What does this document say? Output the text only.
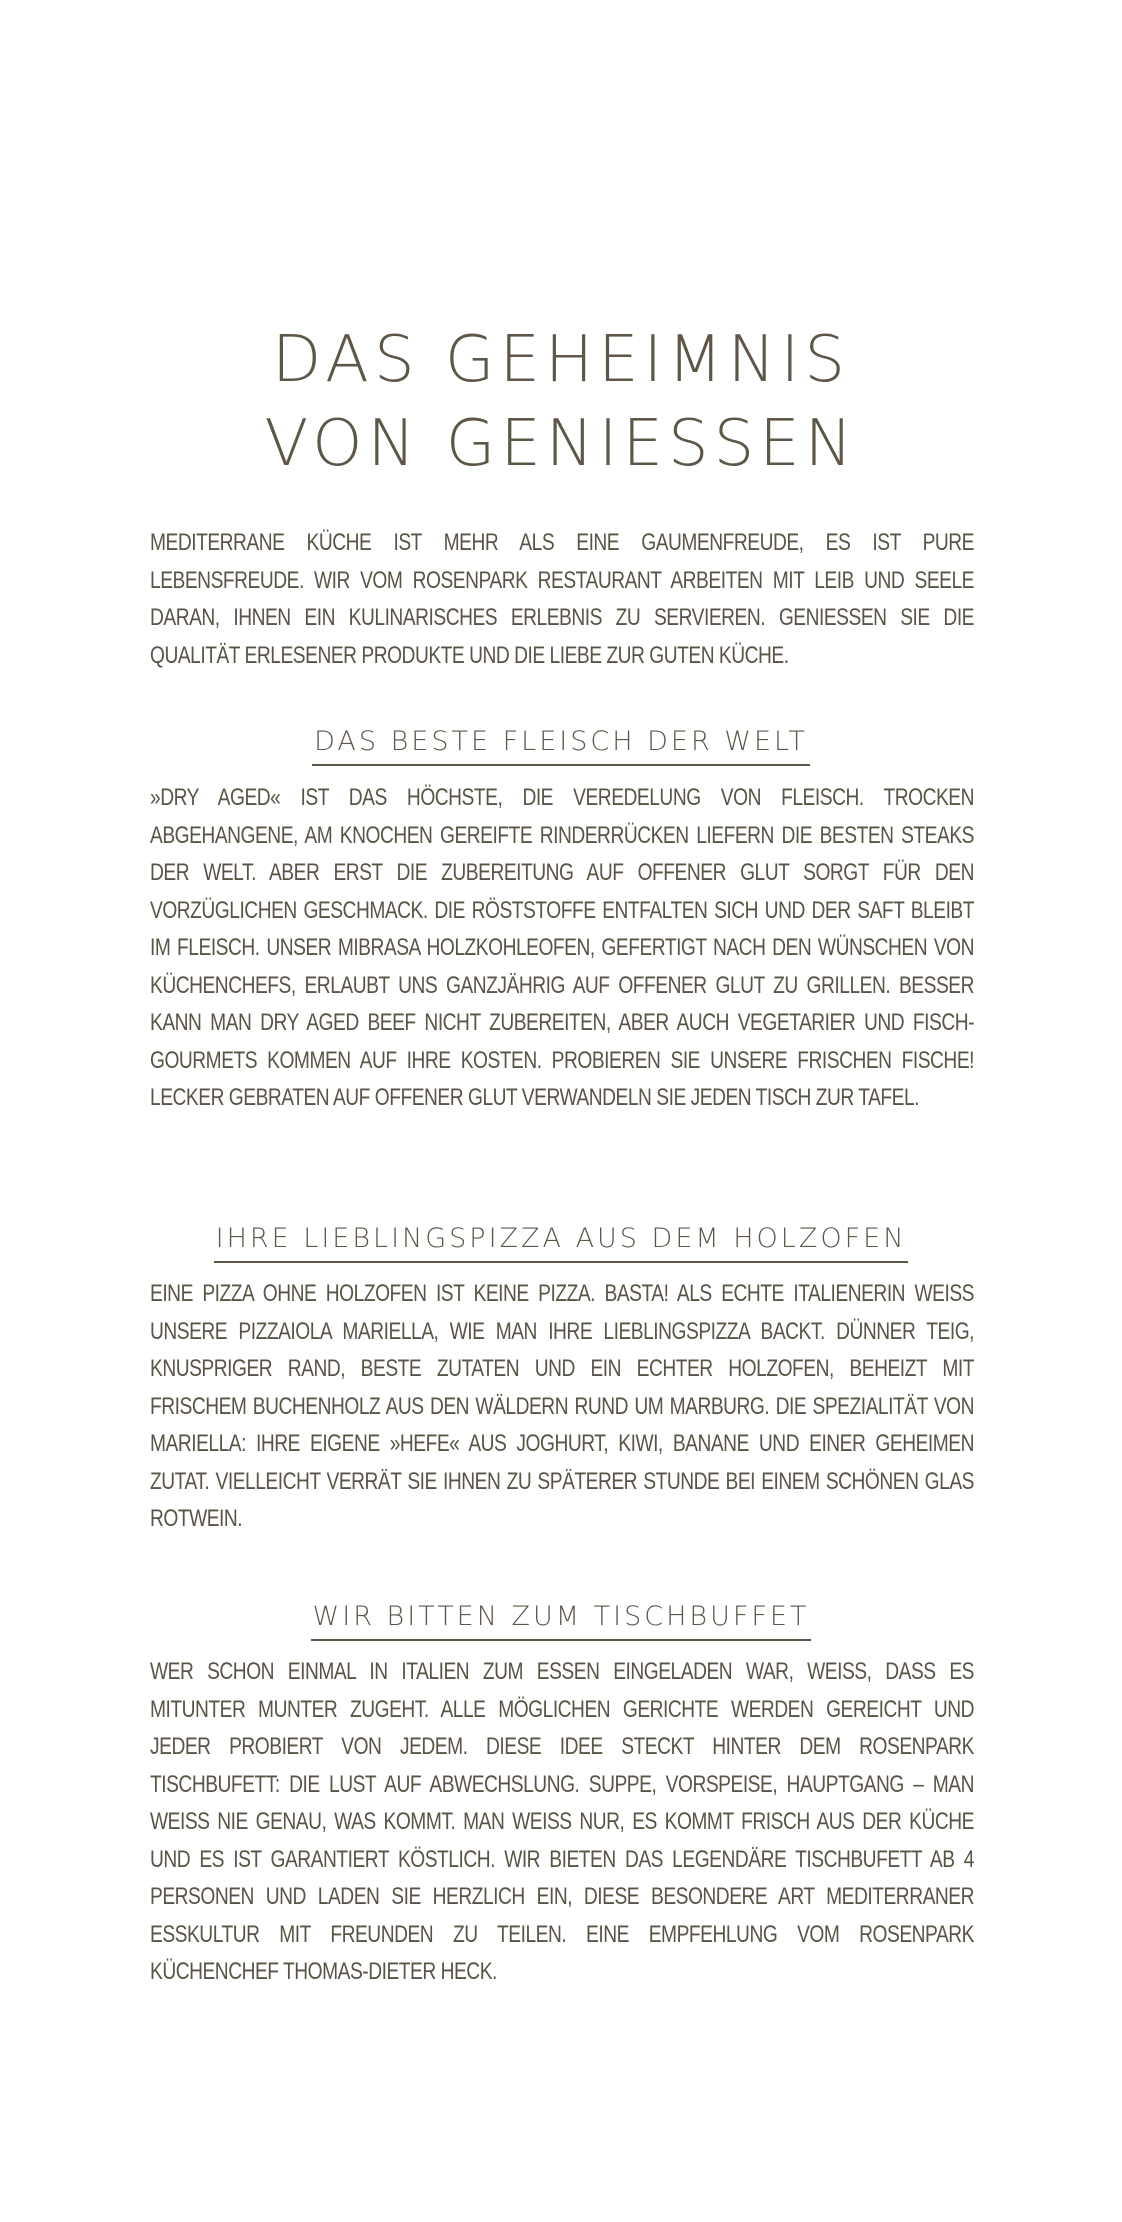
DAS GEHEIMNIS
VON GENIESSEN

MEDITERRANE KÜCHE IST MEHR ALS EINE GAUMENFREUDE, ES IST PURE LEBENSFREUDE. WIR VOM ROSENPARK RESTAURANT ARBEITEN MIT LEIB UND SEELE DARAN, IHNEN EIN KULINARISCHES ERLEBNIS ZU SERVIEREN. GENIESSEN SIE DIE QUALITÄT ERLESENER PRODUKTE UND DIE LIEBE ZUR GUTEN KÜCHE.

DAS BESTE FLEISCH DER WELT

»DRY AGED« IST DAS HÖCHSTE, DIE VEREDELUNG VON FLEISCH. TROCKEN ABGEHANGENE, AM KNOCHEN GEREIFTE RINDERRÜCKEN LIEFERN DIE BESTEN STEAKS DER WELT. ABER ERST DIE ZUBEREITUNG AUF OFFENER GLUT SORGT FÜR DEN VORZÜGLICHEN GESCHMACK. DIE RÖSTSTOFFE ENTFALTEN SICH UND DER SAFT BLEIBT IM FLEISCH. UNSER MIBRASA HOLZKOHLEOFEN, GEFERTIGT NACH DEN WÜNSCHEN VON KÜCHENCHEFS, ERLAUBT UNS GANZJÄHRIG AUF OFFENER GLUT ZU GRILLEN. BESSER KANN MAN DRY AGED BEEF NICHT ZUBEREITEN, ABER AUCH VEGETARIER UND FISCH-GOURMETS KOMMEN AUF IHRE KOSTEN. PROBIEREN SIE UNSERE FRISCHEN FISCHE! LECKER GEBRATEN AUF OFFENER GLUT VERWANDELN SIE JEDEN TISCH ZUR TAFEL.

IHRE LIEBLINGSPIZZA AUS DEM HOLZOFEN

EINE PIZZA OHNE HOLZOFEN IST KEINE PIZZA. BASTA! ALS ECHTE ITALIENERIN WEISS UNSERE PIZZAIOLA MARIELLA, WIE MAN IHRE LIEBLINGSPIZZA BACKT. DÜNNER TEIG, KNUSPRIGER RAND, BESTE ZUTATEN UND EIN ECHTER HOLZOFEN, BEHEIZT MIT FRISCHEM BUCHENHOLZ AUS DEN WÄLDERN RUND UM MARBURG. DIE SPEZIALITÄT VON MARIELLA: IHRE EIGENE »HEFE« AUS JOGHURT, KIWI, BANANE UND EINER GEHEIMEN ZUTAT. VIELLEICHT VERRÄT SIE IHNEN ZU SPÄTERER STUNDE BEI EINEM SCHÖNEN GLAS ROTWEIN.

WIR BITTEN ZUM TISCHBUFFET

WER SCHON EINMAL IN ITALIEN ZUM ESSEN EINGELADEN WAR, WEISS, DASS ES MITUNTER MUNTER ZUGEHT. ALLE MÖGLICHEN GERICHTE WERDEN GEREICHT UND JEDER PROBIERT VON JEDEM. DIESE IDEE STECKT HINTER DEM ROSENPARK TISCHBUFETT: DIE LUST AUF ABWECHSLUNG. SUPPE, VORSPEISE, HAUPTGANG – MAN WEISS NIE GENAU, WAS KOMMT. MAN WEISS NUR, ES KOMMT FRISCH AUS DER KÜCHE UND ES IST GARANTIERT KÖSTLICH. WIR BIETEN DAS LEGENDÄRE TISCHBUFETT AB 4 PERSONEN UND LADEN SIE HERZLICH EIN, DIESE BESONDERE ART MEDITERRANER ESSKULTUR MIT FREUNDEN ZU TEILEN. EINE EMPFEHLUNG VOM ROSENPARK KÜCHENCHEF THOMAS-DIETER HECK.
